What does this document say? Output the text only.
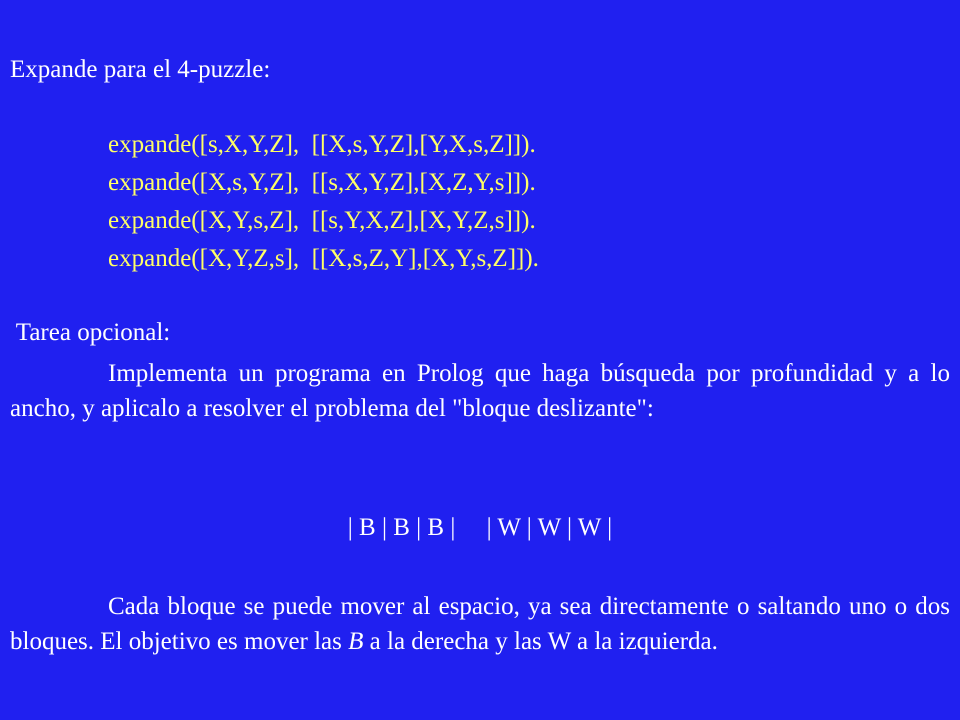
Expande para el 4-puzzle:
expande([s,X,Y,Z],  [[X,s,Y,Z],[Y,X,s,Z]]).
expande([X,s,Y,Z],  [[s,X,Y,Z],[X,Z,Y,s]]).
expande([X,Y,s,Z],  [[s,Y,X,Z],[X,Y,Z,s]]).
expande([X,Y,Z,s],  [[X,s,Z,Y],[X,Y,s,Z]]).
Tarea opcional:
Implementa un programa en Prolog que haga búsqueda por profundidad y a lo ancho, y aplicalo a resolver el problema del "bloque deslizante":
| B | B | B |     | W | W | W |
Cada bloque se puede mover al espacio, ya sea directamente o saltando uno o dos bloques. El objetivo es mover las B a la derecha y las W a la izquierda.
